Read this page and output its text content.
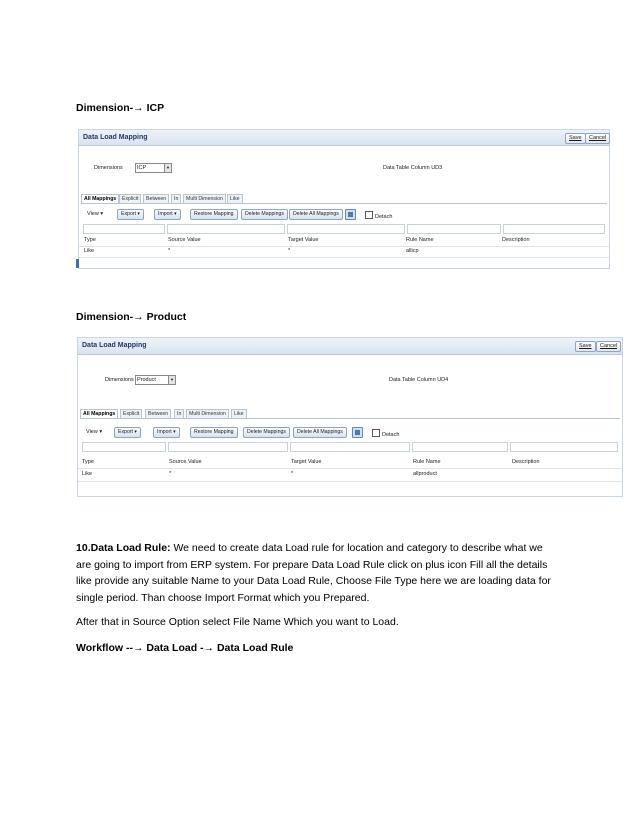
Dimension-→ ICP
Data Load Mapping	Save	Cancel
Dimensions	ICP	▼	Data Table Column UD3
All Mappings	Explicit	Between	In	Multi Dimension	Like
View ▾	Export ▾	Import ▾	Restore Mapping	Delete Mappings	Delete All Mappings	Detach
Type	Source Value	Target Value	Rule Name	Description
Like	*	*	allicp
Dimension-→ Product
Data Load Mapping	Save	Cancel
Dimensions Product	▼	Data Table Column UD4
All Mappings	Explicit	Between	In	Multi Dimension	Like
View ▾	Export ▾	Import ▾	Restore Mapping	Delete Mappings	Delete All Mappings	Detach
Type	Source Value	Target Value	Rule Name	Description
Like	*	*	allproduct
10.Data Load Rule: We need to create data Load rule for location and category to describe what we are going to import from ERP system. For prepare Data Load Rule click on plus icon Fill all the details like provide any suitable Name to your Data Load Rule, Choose File Type here we are loading data for single period. Than choose Import Format which you Prepared.
After that in Source Option select File Name Which you want to Load.
Workflow --→ Data Load -→ Data Load Rule
